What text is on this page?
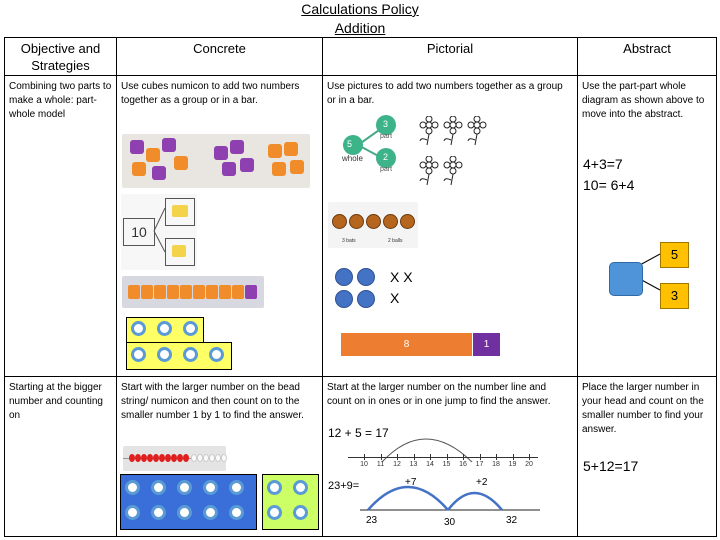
Calculations Policy
Addition
Objective and Strategies	Concrete	Pictorial	Abstract

Combining two parts to make a whole: part- whole model	Use cubes numicon to add two numbers together as a group or in a bar.	Use pictures to add two numbers together as a group or in a bar.	Use the part-part whole diagram as shown above to move into the abstract.

Starting at the bigger number and counting on	Start with the larger number on the bead string/ numicon and then count on to the smaller number 1 by 1 to find the answer.	Start at the larger number on the number line and count on in ones or in one jump to find the answer.	Place the larger number in your head and count on the smaller number to find your answer.
10
5
whole
3
part
2
part
3 bats	2 balls
X X
X
8	1
4+3=7
10= 6+4
5
3
12 + 5 = 17
10	11	12	13	14	15	16	17	18	19	20
23+9=	+7	+2
23	30	32
5+12=17
